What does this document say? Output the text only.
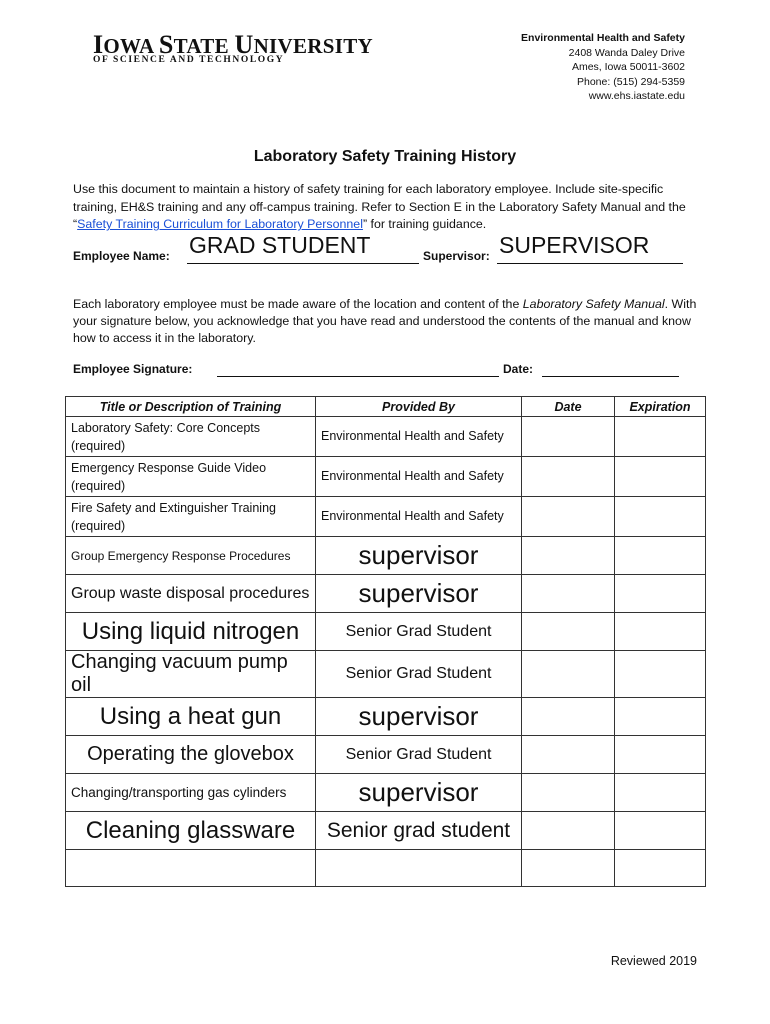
IOWA STATE UNIVERSITY
OF SCIENCE AND TECHNOLOGY
Environmental Health and Safety
2408 Wanda Daley Drive
Ames, Iowa 50011-3602
Phone: (515) 294-5359
www.ehs.iastate.edu
Laboratory Safety Training History
Use this document to maintain a history of safety training for each laboratory employee. Include site-specific training, EH&S training and any off-campus training. Refer to Section E in the Laboratory Safety Manual and the “Safety Training Curriculum for Laboratory Personnel” for training guidance.
Employee Name: GRAD STUDENT	Supervisor: SUPERVISOR
Each laboratory employee must be made aware of the location and content of the Laboratory Safety Manual. With your signature below, you acknowledge that you have read and understood the contents of the manual and know how to access it in the laboratory.
Employee Signature:	Date:
Title or Description of Training	Provided By	Date	Expiration
Laboratory Safety: Core Concepts (required)	Environmental Health and Safety		
Emergency Response Guide Video (required)	Environmental Health and Safety		
Fire Safety and Extinguisher Training (required)	Environmental Health and Safety		
Group Emergency Response Procedures	supervisor		
Group waste disposal procedures	supervisor		
Using liquid nitrogen	Senior Grad Student		
Changing vacuum pump oil	Senior Grad Student		
Using a heat gun	supervisor		
Operating the glovebox	Senior Grad Student		
Changing/transporting gas cylinders	supervisor		
Cleaning glassware	Senior grad student		

Reviewed 2019
